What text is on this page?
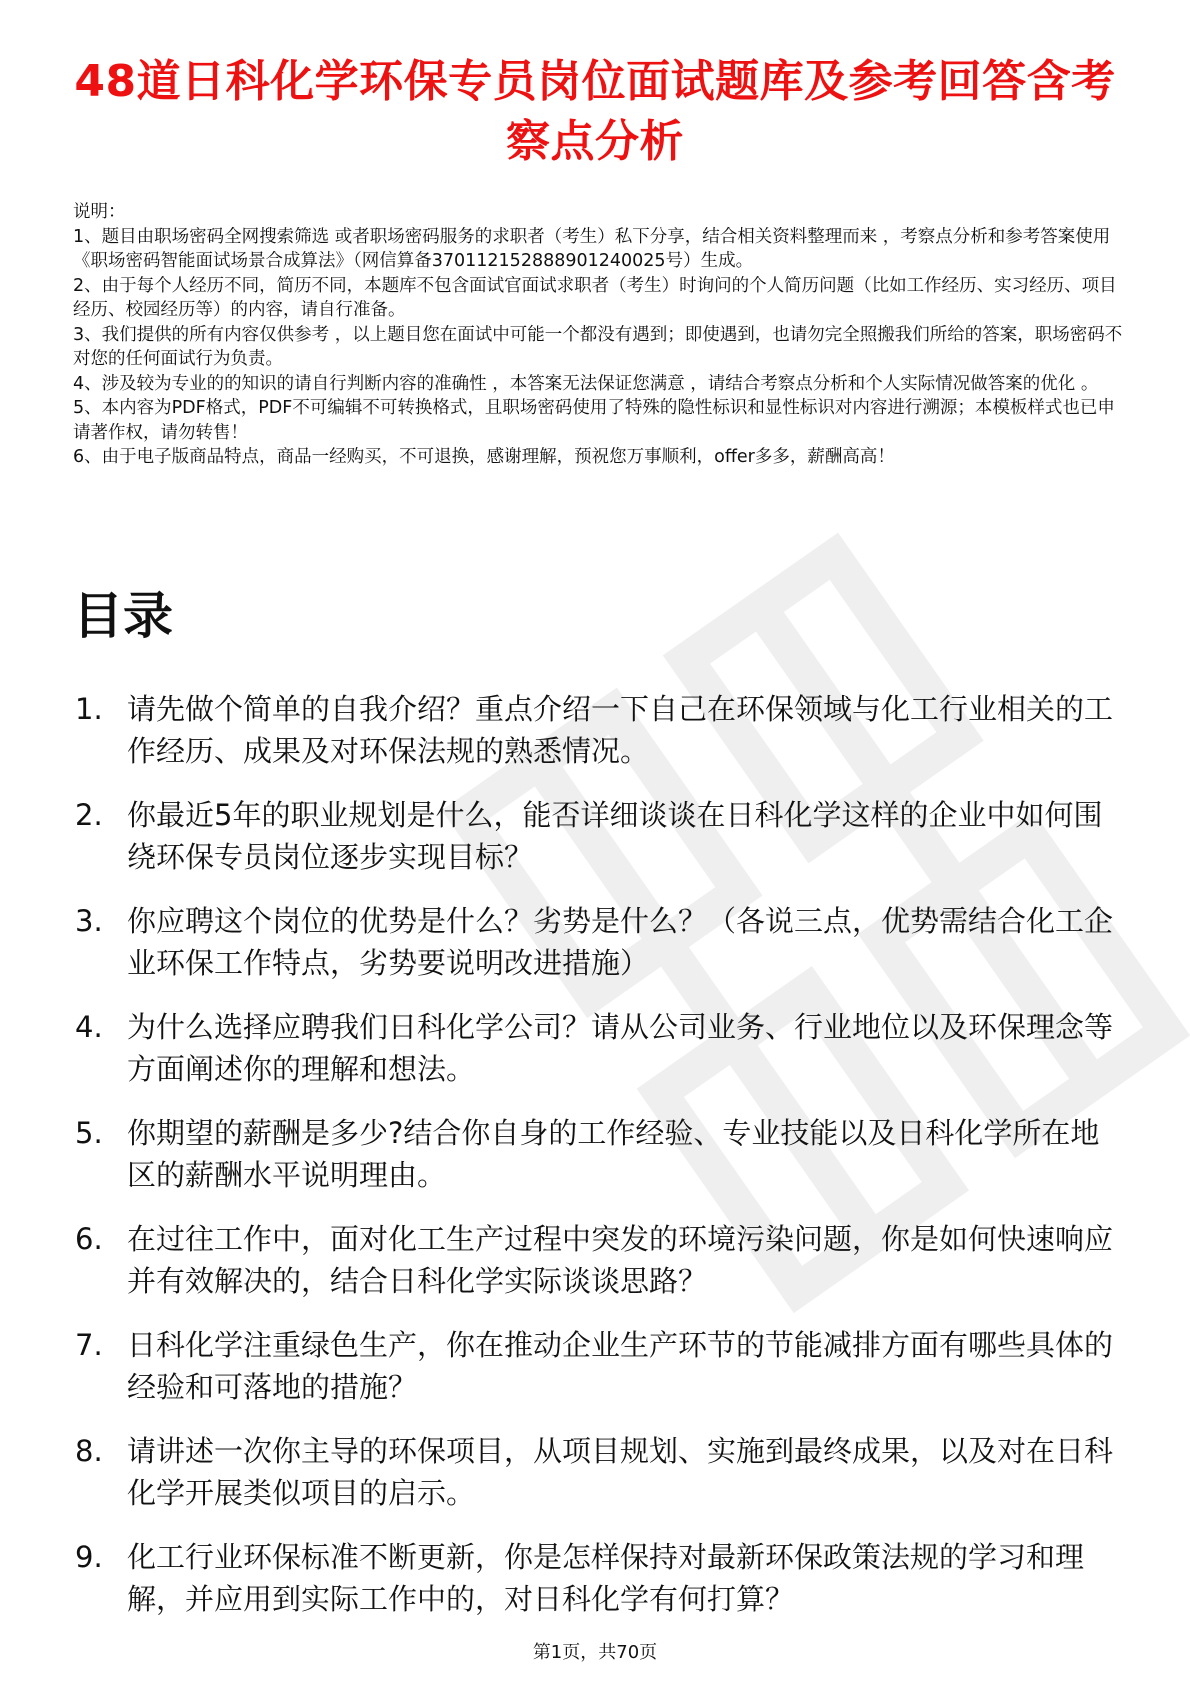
48道日科化学环保专员岗位面试题库及参考回答含考察点分析

说明：

1、题目由职场密码全网搜索筛选 或者职场密码服务的求职者（考生）私下分享，结合相关资料整理而来 ，考察点分析和参考答案使用《职场密码智能面试场景合成算法》（网信算备370112152888901240025号）生成。

2、由于每个人经历不同，简历不同，本题库不包含面试官面试求职者（考生）时询问的个人简历问题（比如工作经历、实习经历、项目经历、校园经历等）的内容，请自行准备。

3、我们提供的所有内容仅供参考 ，以上题目您在面试中可能一个都没有遇到；即使遇到，也请勿完全照搬我们所给的答案，职场密码不对您的任何面试行为负责。

4、涉及较为专业的的知识的请自行判断内容的准确性 ，本答案无法保证您满意 ，请结合考察点分析和个人实际情况做答案的优化 。

5、本内容为PDF格式，PDF不可编辑不可转换格式，且职场密码使用了特殊的隐性标识和显性标识对内容进行溯源；本模板样式也已申请著作权，请勿转售！

6、由于电子版商品特点，商品一经购买，不可退换，感谢理解，预祝您万事顺利，offer多多，薪酬高高！

目录
1. 请先做个简单的自我介绍？重点介绍一下自己在环保领域与化工行业相关的工作经历、成果及对环保法规的熟悉情况。
2. 你最近5年的职业规划是什么，能否详细谈谈在日科化学这样的企业中如何围绕环保专员岗位逐步实现目标？
3. 你应聘这个岗位的优势是什么？劣势是什么？（各说三点，优势需结合化工企业环保工作特点，劣势要说明改进措施）
4. 为什么选择应聘我们日科化学公司？请从公司业务、行业地位以及环保理念等方面阐述你的理解和想法。
5. 你期望的薪酬是多少?结合你自身的工作经验、专业技能以及日科化学所在地区的薪酬水平说明理由。
6. 在过往工作中，面对化工生产过程中突发的环境污染问题，你是如何快速响应并有效解决的，结合日科化学实际谈谈思路？
7. 日科化学注重绿色生产，你在推动企业生产环节的节能减排方面有哪些具体的经验和可落地的措施？
8. 请讲述一次你主导的环保项目，从项目规划、实施到最终成果，以及对在日科化学开展类似项目的启示。
9. 化工行业环保标准不断更新，你是怎样保持对最新环保政策法规的学习和理解，并应用到实际工作中的，对日科化学有何打算？
第1页，共70页
